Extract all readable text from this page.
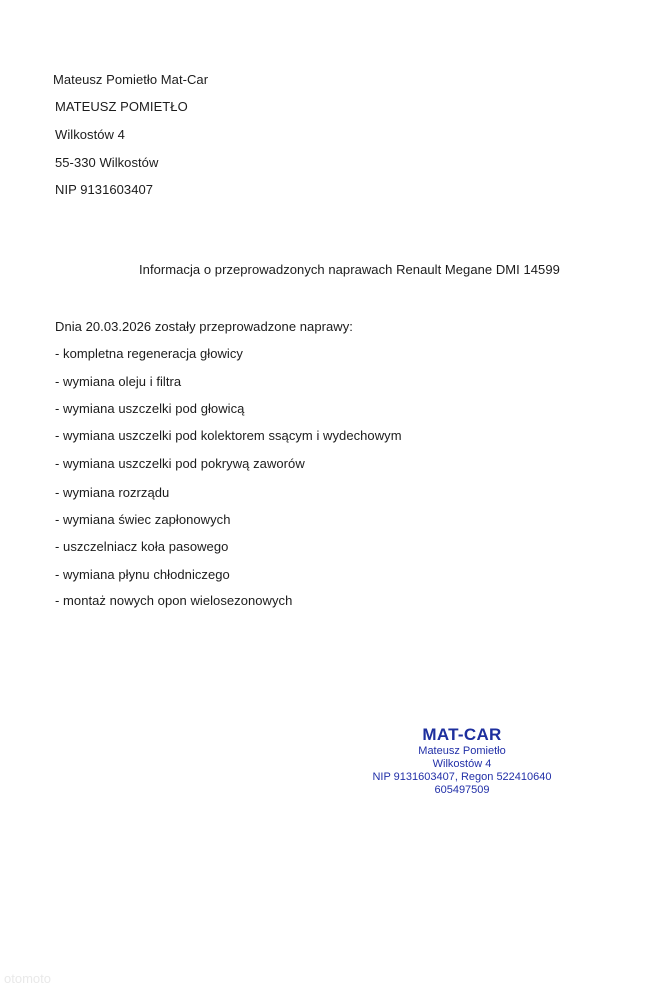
Mateusz Pomietło Mat-Car
MATEUSZ POMIETŁO
Wilkostów 4
55-330 Wilkostów
NIP 9131603407
Informacja o przeprowadzonych naprawach Renault Megane DMI 14599
Dnia 20.03.2026 zostały przeprowadzone naprawy:
- kompletna regeneracja głowicy
- wymiana oleju i filtra
- wymiana uszczelki pod głowicą
- wymiana uszczelki pod kolektorem ssącym i wydechowym
- wymiana uszczelki pod pokrywą zaworów
- wymiana rozrządu
- wymiana świec zapłonowych
- uszczelniacz koła pasowego
- wymiana płynu chłodniczego
- montaż nowych opon wielosezonowych
MAT-CAR
Mateusz Pomietło
Wilkostów 4
NIP 9131603407, Regon 522410640
605497509
otomoto
